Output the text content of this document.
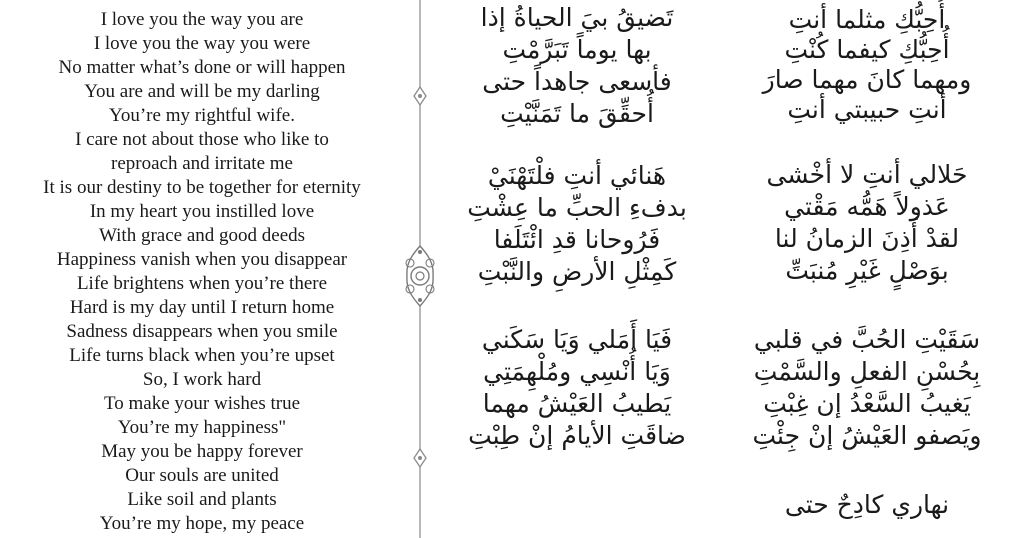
I love you the way you are
I love you the way you were
No matter what’s done or will happen
You are and will be my darling
You’re my rightful wife.
I care not about those who like to
reproach and irritate me
It is our destiny to be together for eternity
In my heart you instilled love
With grace and good deeds
Happiness vanish when you disappear
Life brightens when you’re there
Hard is my day until I return home
Sadness disappears when you smile
Life turns black when you’re upset
So, I work hard
To make your wishes true
You’re my happiness"
May you be happy forever
Our souls are united
Like soil and plants
You’re my hope, my peace
تَضيقُ بيَ الحياةُ إذا
بها يوماً تَبَرَّمْتِ
فأسعى جاهداً حتى
أُحقِّقَ ما تَمَنَّيْتِ
هَنائي أنتِ فلْتَهْنَيْ
بدفءِ الحبِّ ما عِشْتِ
فَرُوحانا قدِ ائْتَلَفا
كَمِثْلِ الأرضِ والنَّبْتِ
فَيَا أَمَلي وَيَا سَكَني
وَيَا أُنْسِي ومُلْهِمَتِي
يَطيبُ العَيْشُ مهما
ضاقَتِ الأيامُ إنْ طِبْتِ
أُحِبُّكِ مثلما أنتِ
أُحِبُّكِ كيفما كُنْتِ
ومهما كانَ مهما صارَ
أنتِ حبيبتي أنتِ
حَلالي أنتِ لا أخْشى
عَذولاً هَمُّه مَقْتي
لقدْ أَذِنَ الزمانُ لنا
بوَصْلٍ غَيْرِ مُنبَتِّ
سَقَيْتِ الحُبَّ في قلبي
بِحُسْنِ الفعلِ والسَّمْتِ
يَغيبُ السَّعْدُ إن غِبْتِ
ويَصفو العَيْشُ إنْ جِئْتِ
نهاري كادِحٌ حتى
